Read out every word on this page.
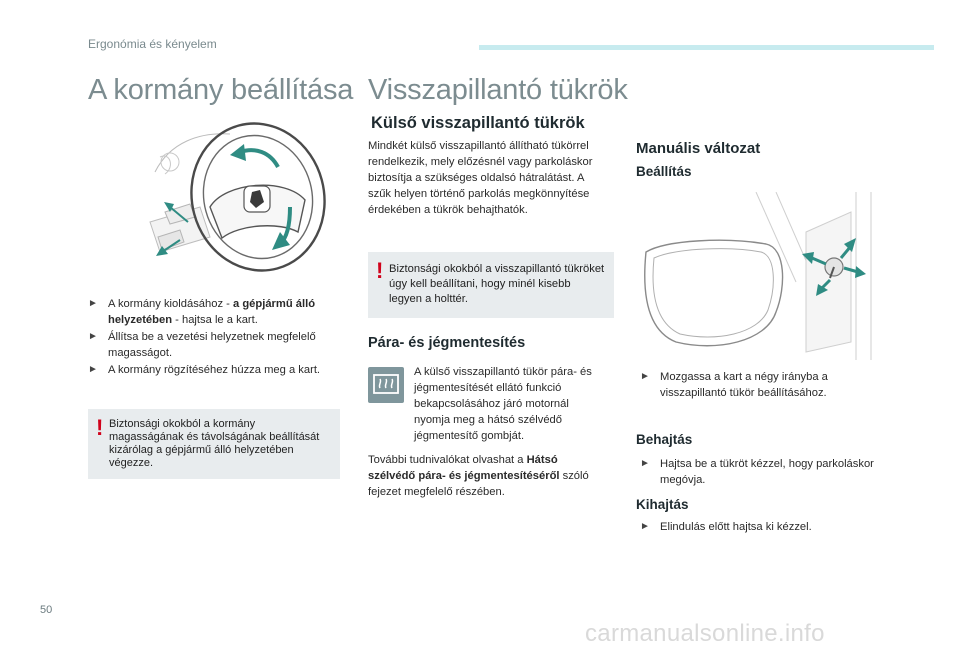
Ergonómia és kényelem
A kormány beállítása Visszapillantó tükrök
► A kormány kioldásához - a gépjármű álló helyzetében - hajtsa le a kart.
► Állítsa be a vezetési helyzetnek megfelelő magasságot.
► A kormány rögzítéséhez húzza meg a kart.
! Biztonsági okokból a kormány magasságának és távolságának beállítását kizárólag a gépjármű álló helyzetében végezze.
Külső visszapillantó tükrök

Mindkét külső visszapillantó állítható tükörrel rendelkezik, mely előzésnél vagy parkoláskor biztosítja a szükséges oldalsó hátralátást. A szűk helyen történő parkolás megkönnyítése érdekében a tükrök behajthatók.

! Biztonsági okokból a visszapillantó tükröket úgy kell beállítani, hogy minél kisebb legyen a holttér.
Pára- és jégmentesítés

A külső visszapillantó tükör pára- és jégmentesítését ellátó funkció bekapcsolásához járó motornál nyomja meg a hátsó szélvédő jégmentesítő gombját.

További tudnivalókat olvashat a Hátsó szélvédő pára- és jégmentesítéséről szóló fejezet megfelelő részében.

Manuális változat
Beállítás
► Mozgassa a kart a négy irányba a visszapillantó tükör beállításához.
Behajtás
► Hajtsa be a tükröt kézzel, hogy parkoláskor megóvja.
Kihajtás
► Elindulás előtt hajtsa ki kézzel.
50
carmanualsonline.info
